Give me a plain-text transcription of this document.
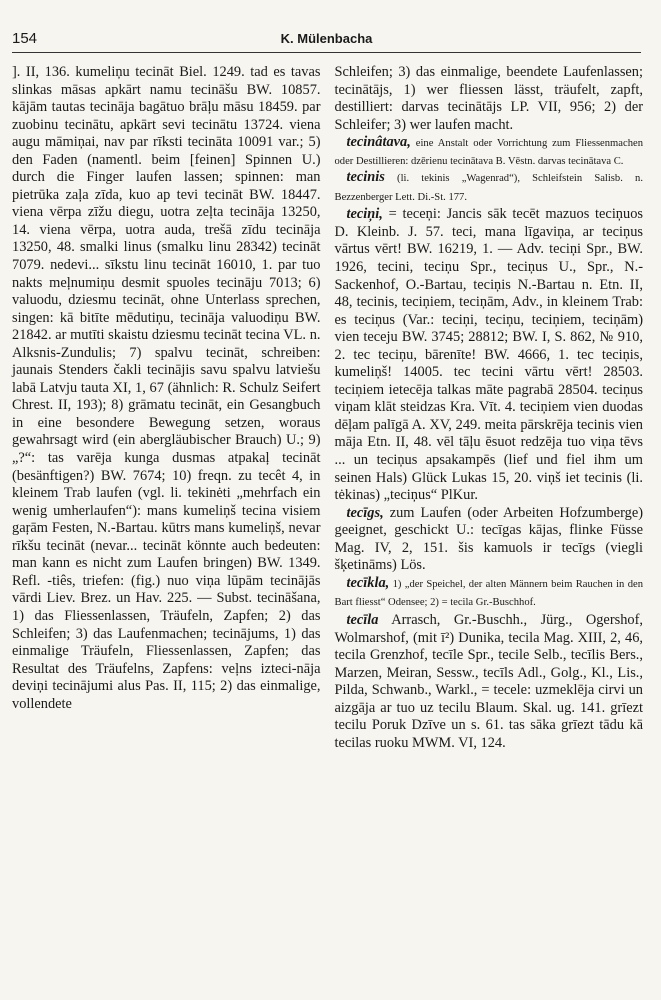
154	K. Mülenbacha

]. II, 136. kumeliņu tecināt Biel. 1249. tad es tavas slinkas māsas apkārt namu tecināšu BW. 10857. kājām tautas tecināja bagātuo brāļu māsu 18459. par zuobinu tecinātu, apkārt sevi tecinātu 13724. viena augu māmiņai, nav par rīksti tecināta 10091 var.; 5) den Faden (namentl. beim [feinen] Spinnen U.) durch die Finger laufen lassen; spinnen: man pietrūka zaļa zīda, kuo ap tevi tecināt BW. 18447. viena vērpa zīžu diegu, uotra zeļta tecināja 13250, 14. viena vērpa, uotra auda, trešā zīdu tecināja 13250, 48. smalki linus (smalku linu 28342) tecināt 7079. nedevi... sīkstu linu tecināt 16010, 1. par tuo nakts meļnumiņu desmit spuoles tecināju 7013; 6) valuodu, dziesmu tecināt, ohne Unterlass sprechen, singen: kā bitīte mēdutiņu, tecināja valuodiņu BW. 21842. ar mutīti skaistu dziesmu tecināt tecina VL. n. Alksnis-Zundulis; 7) spalvu tecināt, schreiben: jaunais Stenders čakli tecinājis savu spalvu latviešu labā Latvju tauta XI, 1, 67 (ähnlich: R. Schulz Seifert Chrest. II, 193); 8) grāmatu tecināt, ein Gesangbuch in eine besondere Bewegung setzen, woraus gewahrsagt wird (ein abergläubischer Brauch) U.; 9) „?“: tas varēja kunga dusmas atpakaļ tecināt (besänftigen?) BW. 7674; 10) freqn. zu tecêt 4, in kleinem Trab laufen (vgl. li. tekinėti „mehrfach ein wenig umherlaufen“): mans kumeliņš tecina visiem gaŗām Festen, N.-Bartau. kūtrs mans kumeliņš, nevar rīkšu tecināt (nevar... tecināt könnte auch bedeuten: man kann es nicht zum Laufen bringen) BW. 1349. Refl. -tiês, triefen: (fig.) nuo viņa lūpām tecinājās vārdi Liev. Brez. un Hav. 225. — Subst. tecināšana, 1) das Fliessenlassen, Träufeln, Zapfen; 2) das Schleifen; 3) das Laufenmachen; tecinājums, 1) das einmalige Träufeln, Fliessenlassen, Zapfen; das Resultat des Träufelns, Zapfens: veļns izteci-nāja deviņi tecinājumi alus Pas. II, 115; 2) das einmalige, vollendete

Schleifen; 3) das einmalige, beendete Laufenlassen; tecinātājs, 1) wer fliessen lässt, träufelt, zapft, destilliert: darvas tecinātājs LP. VII, 956; 2) der Schleifer; 3) wer laufen macht.

tecinâtava, eine Anstalt oder Vorrichtung zum Fliessenmachen oder Destillieren: dzērienu tecinātava B. Vēstn. darvas tecinātava C.

tecinis (li. tekinis „Wagenrad“), Schleifstein Salisb. n. Bezzenberger Lett. Di.-St. 177.

teciņi, = teceņi: Jancis sāk tecēt mazuos teciņuos D. Kleinb. J. 57. teci, mana līgaviņa, ar teciņus vārtus vērt! BW. 16219, 1. — Adv. teciņi Spr., BW. 1926, tecini, teciņu Spr., teciņus U., Spr., N.-Sackenhof, O.-Bartau, teciņis N.-Bartau n. Etn. II, 48, tecinis, teciņiem, teciņām, Adv., in kleinem Trab: es teciņus (Var.: teciņi, teciņu, teciņiem, teciņām) vien teceju BW. 3745; 28812; BW. I, S. 862, № 910, 2. tec teciņu, bārenīte! BW. 4666, 1. tec teciņis, kumeliņš! 14005. tec tecini vārtu vērt! 28503. teciņiem ietecēja talkas māte pagrabā 28504. teciņus viņam klāt steidzas Kra. Vīt. 4. teciņiem vien duodas dēļam palīgā A. XV, 249. meita pārskrēja tecinis vien māja Etn. II, 48. vēl tāļu ēsuot redzēja tuo viņa tēvs ... un teciņus apsakampēs (lief und fiel ihm um seinen Hals) Glück Lukas 15, 20. viņš iet tecinis (li. tėkinas) „teciņus“ PlKur.

tecīgs, zum Laufen (oder Arbeiten Hofzumberge) geeignet, geschickt U.: tecīgas kājas, flinke Füsse Mag. IV, 2, 151. šis kamuols ir tecīgs (viegli šķetināms) Lös.

tecīkla, 1) „der Speichel, der alten Männern beim Rauchen in den Bart fliesst“ Odensee; 2) = tecila Gr.-Buschhof.

tecīla Arrasch, Gr.-Buschh., Jürg., Ogershof, Wolmarshof, (mit ī²) Dunika, tecila Mag. XIII, 2, 46, tecila Grenzhof, tecīle Spr., tecile Selb., tecīlis Bers., Marzen, Meiran, Sessw., tecīls Adl., Golg., Kl., Lis., Pilda, Schwanb., Warkl., = tecele: uzmeklēja cirvi un aizgāja ar tuo uz tecilu Blaum. Skal. ug. 141. grīezt tecilu Poruk Dzīve un s. 61. tas sāka grīezt tādu kā tecilas ruoku MWM. VI, 124.
